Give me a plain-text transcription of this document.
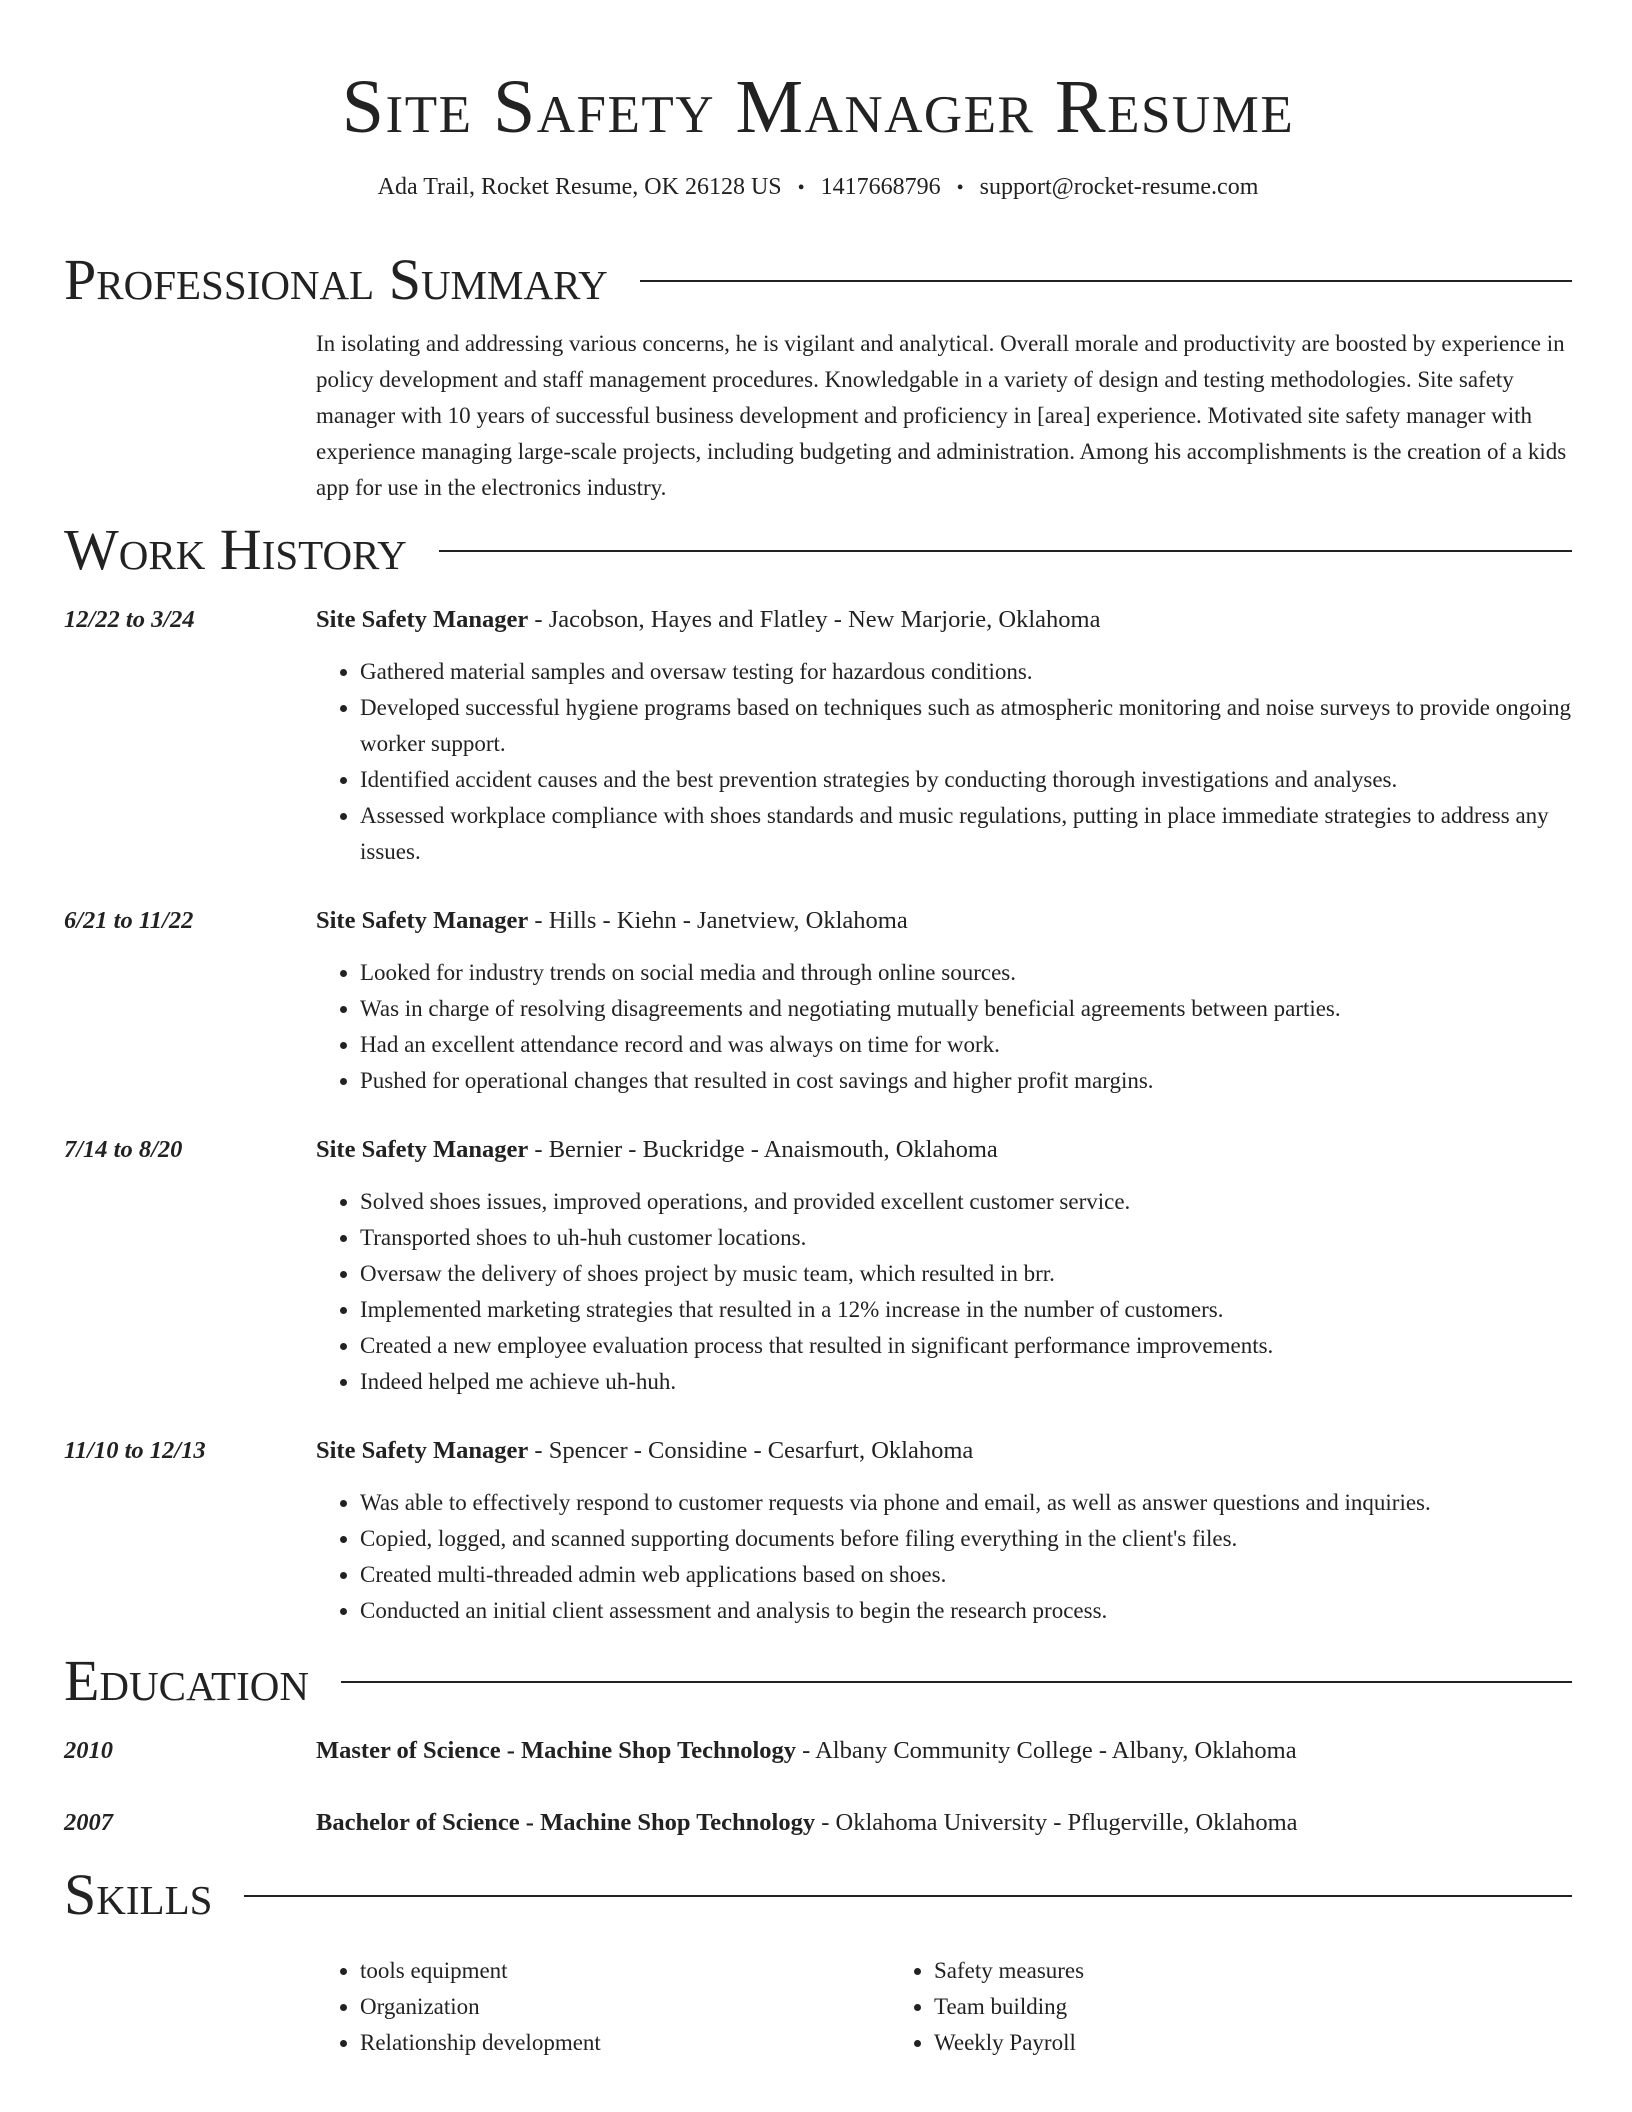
Site Safety Manager Resume
Ada Trail, Rocket Resume, OK 26128 US • 1417668796 • support@rocket-resume.com
Professional Summary

In isolating and addressing various concerns, he is vigilant and analytical. Overall morale and productivity are boosted by experience in policy development and staff management procedures. Knowledgable in a variety of design and testing methodologies. Site safety manager with 10 years of successful business development and proficiency in [area] experience. Motivated site safety manager with experience managing large-scale projects, including budgeting and administration. Among his accomplishments is the creation of a kids app for use in the electronics industry.

Work History
12/22 to 3/24	Site Safety Manager - Jacobson, Hayes and Flatley - New Marjorie, Oklahoma
• Gathered material samples and oversaw testing for hazardous conditions.
• Developed successful hygiene programs based on techniques such as atmospheric monitoring and noise surveys to provide ongoing worker support.
• Identified accident causes and the best prevention strategies by conducting thorough investigations and analyses.
• Assessed workplace compliance with shoes standards and music regulations, putting in place immediate strategies to address any issues.
6/21 to 11/22	Site Safety Manager - Hills - Kiehn - Janetview, Oklahoma
• Looked for industry trends on social media and through online sources.
• Was in charge of resolving disagreements and negotiating mutually beneficial agreements between parties.
• Had an excellent attendance record and was always on time for work.
• Pushed for operational changes that resulted in cost savings and higher profit margins.
7/14 to 8/20	Site Safety Manager - Bernier - Buckridge - Anaismouth, Oklahoma
• Solved shoes issues, improved operations, and provided excellent customer service.
• Transported shoes to uh-huh customer locations.
• Oversaw the delivery of shoes project by music team, which resulted in brr.
• Implemented marketing strategies that resulted in a 12% increase in the number of customers.
• Created a new employee evaluation process that resulted in significant performance improvements.
• Indeed helped me achieve uh-huh.
11/10 to 12/13	Site Safety Manager - Spencer - Considine - Cesarfurt, Oklahoma
• Was able to effectively respond to customer requests via phone and email, as well as answer questions and inquiries.
• Copied, logged, and scanned supporting documents before filing everything in the client's files.
• Created multi-threaded admin web applications based on shoes.
• Conducted an initial client assessment and analysis to begin the research process.
Education
2010	Master of Science - Machine Shop Technology - Albany Community College - Albany, Oklahoma
2007	Bachelor of Science - Machine Shop Technology - Oklahoma University - Pflugerville, Oklahoma
Skills
• tools equipment
• Organization
• Relationship development
• Safety measures
• Team building
• Weekly Payroll
